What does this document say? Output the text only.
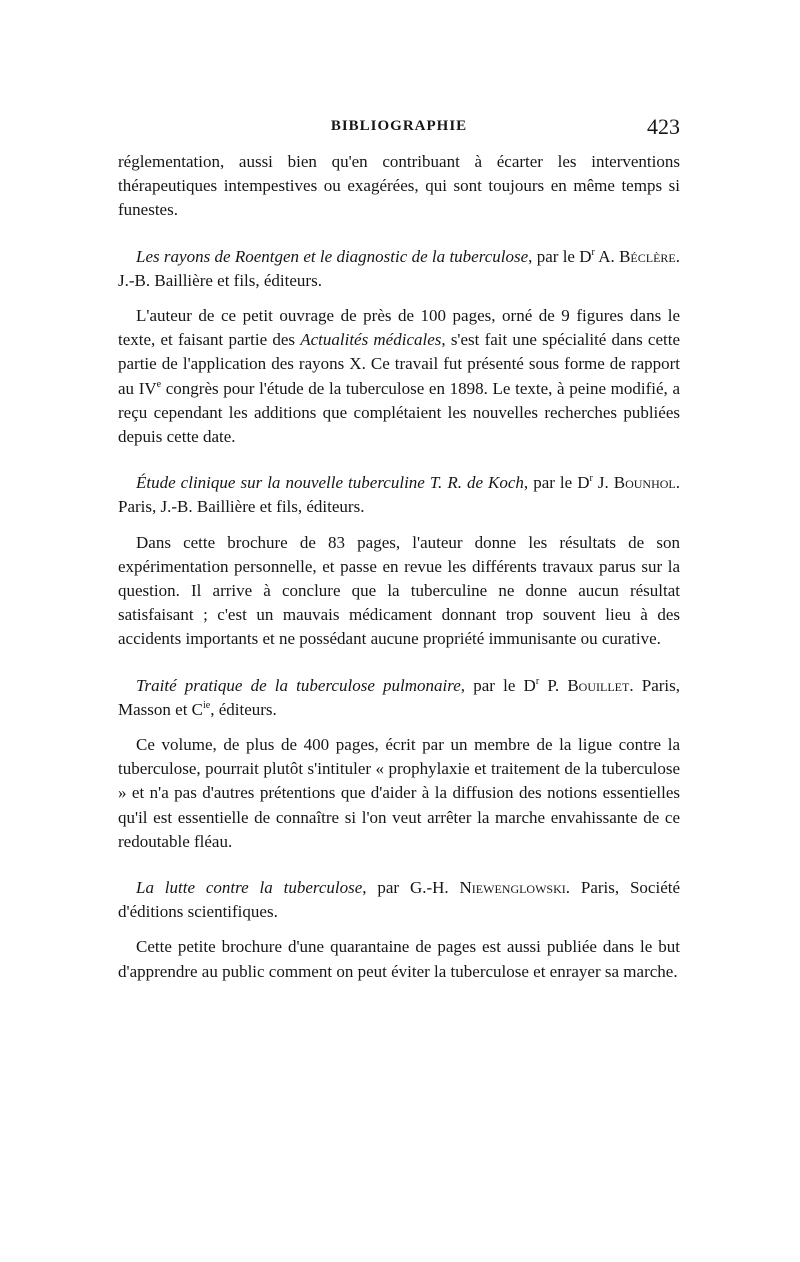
BIBLIOGRAPHIE	423

réglementation, aussi bien qu'en contribuant à écarter les interventions thérapeutiques intempestives ou exagérées, qui sont toujours en même temps si funestes.

Les rayons de Roentgen et le diagnostic de la tuberculose, par le $D^r$ A. Béclère. J.-B. Baillière et fils, éditeurs.

L'auteur de ce petit ouvrage de près de 100 pages, orné de 9 figures dans le texte, et faisant partie des Actualités médicales, s'est fait une spécialité dans cette partie de l'application des rayons X. Ce travail fut présenté sous forme de rapport au IVe congrès pour l'étude de la tuberculose en 1898. Le texte, à peine modifié, a reçu cependant les additions que complétaient les nouvelles recherches publiées depuis cette date.

Étude clinique sur la nouvelle tuberculine T. R. de Koch, par le $D^r$ J. Bounhol. Paris, J.-B. Baillière et fils, éditeurs.

Dans cette brochure de 83 pages, l'auteur donne les résultats de son expérimentation personnelle, et passe en revue les différents travaux parus sur la question. Il arrive à conclure que la tuberculine ne donne aucun résultat satisfaisant ; c'est un mauvais médicament donnant trop souvent lieu à des accidents importants et ne possédant aucune propriété immunisante ou curative.

Traité pratique de la tuberculose pulmonaire, par le $D^r$ P. Bouillet. Paris, Masson et $C^{ie}$, éditeurs.

Ce volume, de plus de 400 pages, écrit par un membre de la ligue contre la tuberculose, pourrait plutôt s'intituler « prophylaxie et traitement de la tuberculose » et n'a pas d'autres prétentions que d'aider à la diffusion des notions essentielles qu'il est essentielle de connaître si l'on veut arrêter la marche envahissante de ce redoutable fléau.

La lutte contre la tuberculose, par G.-H. Niewenglowski. Paris, Société d'éditions scientifiques.

Cette petite brochure d'une quarantaine de pages est aussi publiée dans le but d'apprendre au public comment on peut éviter la tuberculose et enrayer sa marche.
